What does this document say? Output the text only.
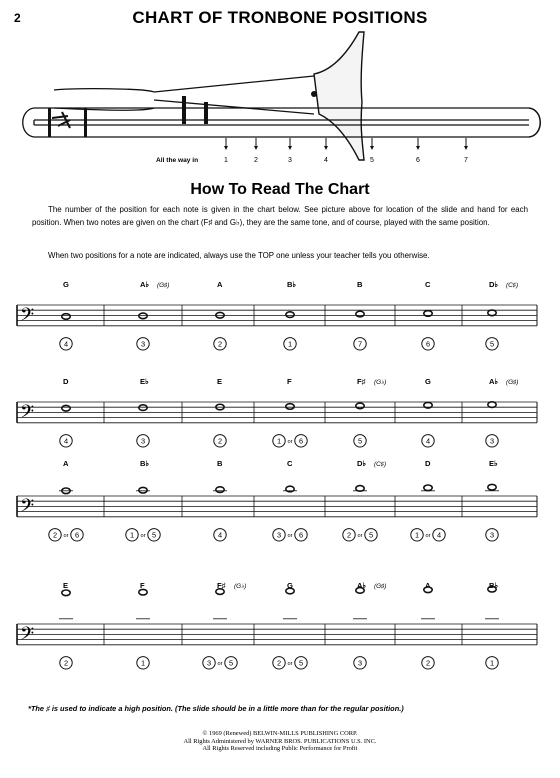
2	CHART OF TRONBONE POSITIONS
1	2	3	4	5	6	7
All the way in
How To Read The Chart
The number of the position for each note is given in the chart below. See picture above for location of the slide and hand for each position. When two notes are given on the chart (F♯ and G♭), they are the same tone, and of course, played with the same position.
When two positions for a note are indicated, always use the TOP one unless your teacher tells you otherwise.
𝄢
G
4
A♭ (G♯)
3
A
2
B♭
1
B
7
C
6
D♭ (C♯)
5
𝄢
D
4
E♭
3
E
2
F
1 or 6
F♯ (G♭)
5
G
4
A♭ (G♯)
3
𝄢
A
2 or 6
B♭
1 or 5
B
4
C
3 or 6
D♭ (C♯)
2 or 5
D
1 or 4
E♭
3
𝄢
E
2
F
1
F♯ (G♭)
3 or 5
G
2 or 5
A♭ (G♯)
3
A
2
B♭
1
*The ♯ is used to indicate a high position. (The slide should be in a little more than for the regular position.)
© 1969 (Renewed) BELWIN-MILLS PUBLISHING CORP.
All Rights Administered by WARNER BROS. PUBLICATIONS U.S. INC.
All Rights Reserved including Public Performance for Profit
